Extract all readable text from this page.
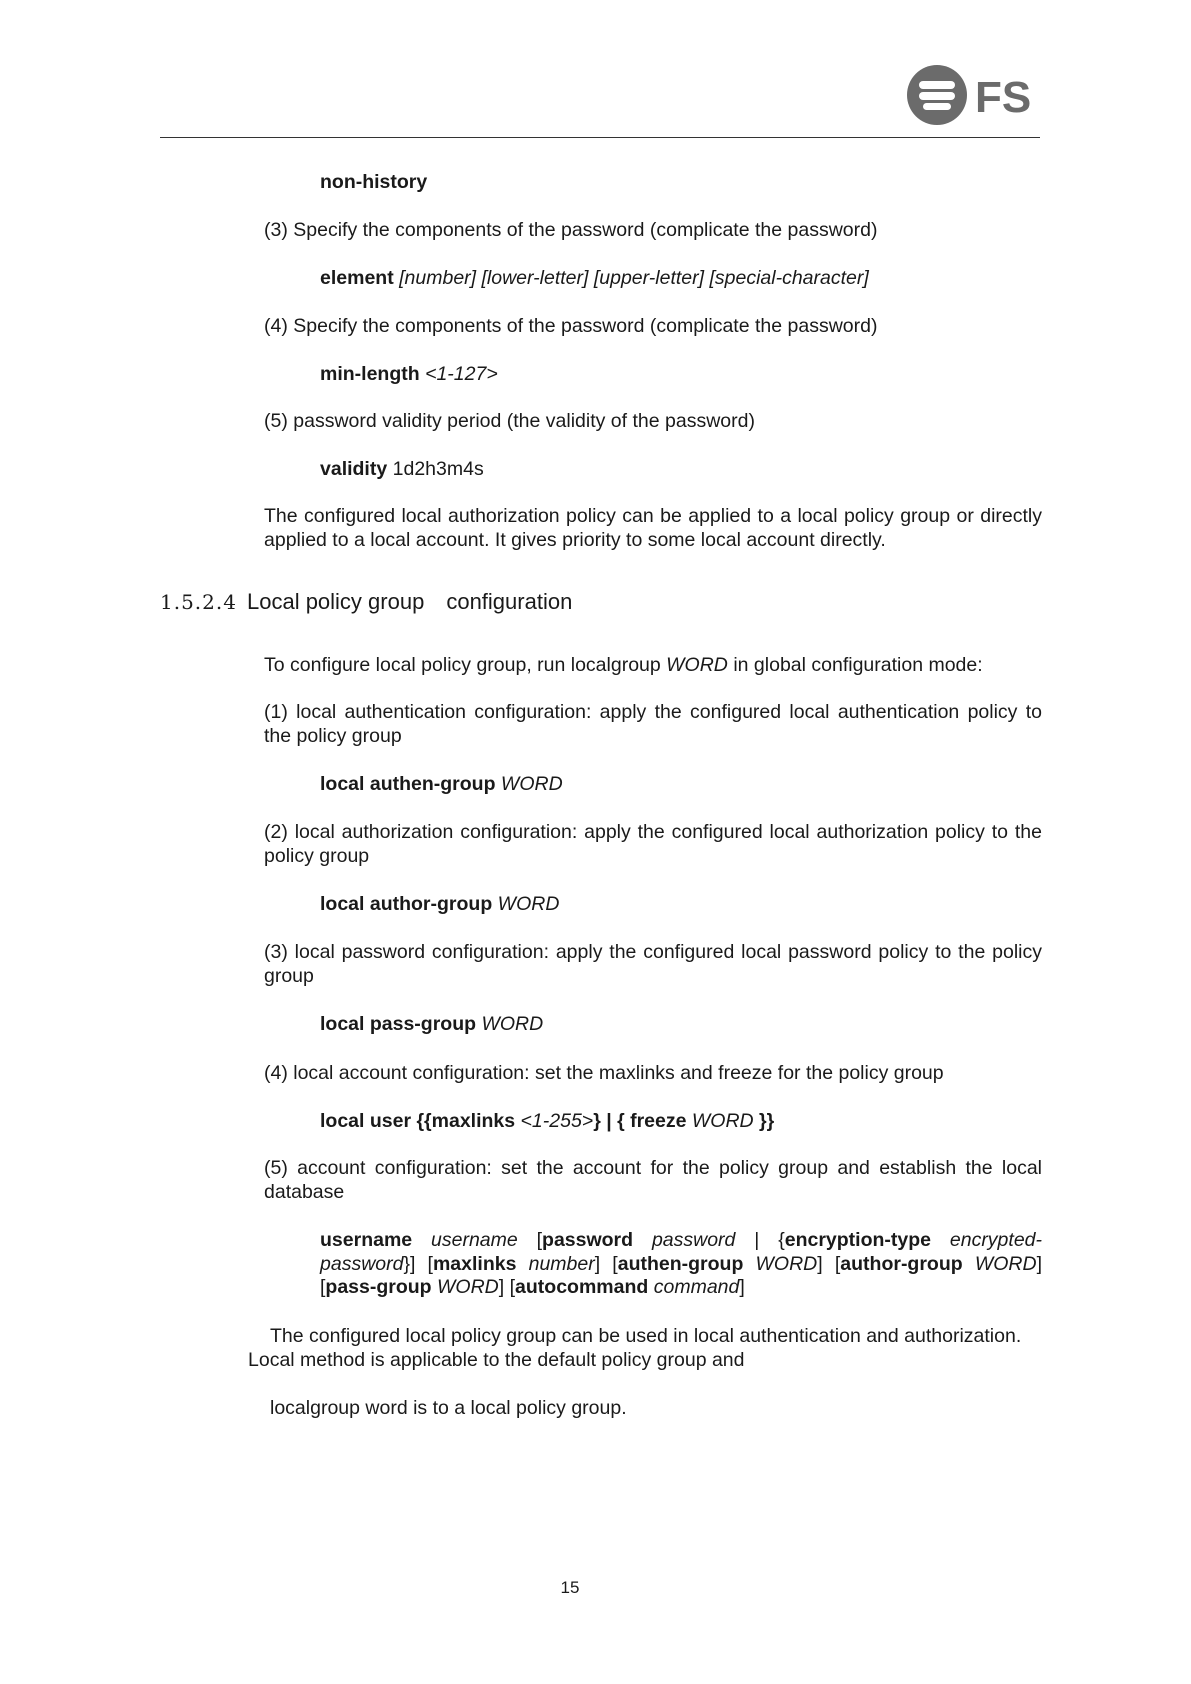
FS
non-history
(3) Specify the components of the password (complicate the password)
element [number] [lower-letter] [upper-letter] [special-character]
(4) Specify the components of the password (complicate the password)
min-length <1-127>
(5) password validity period (the validity of the password)
validity 1d2h3m4s
The configured local authorization policy can be applied to a local policy group or directly applied to a local account. It gives priority to some local account directly.
1.5.2.4 Local policy group configuration
To configure local policy group, run localgroup WORD in global configuration mode:
(1) local authentication configuration: apply the configured local authentication policy to the policy group
local authen-group WORD
(2) local authorization configuration: apply the configured local authorization policy to the policy group
local author-group WORD
(3) local password configuration: apply the configured local password policy to the policy group
local pass-group WORD
(4) local account configuration: set the maxlinks and freeze for the policy group
local user {{maxlinks <1-255>} | { freeze WORD }}
(5) account configuration: set the account for the policy group and establish the local database
username username [password password | {encryption-type encrypted-password}] [maxlinks number] [authen-group WORD] [author-group WORD] [pass-group WORD] [autocommand command]
The configured local policy group can be used in local authentication and authorization.
Local method is applicable to the default policy group and
localgroup word is to a local policy group.
15
